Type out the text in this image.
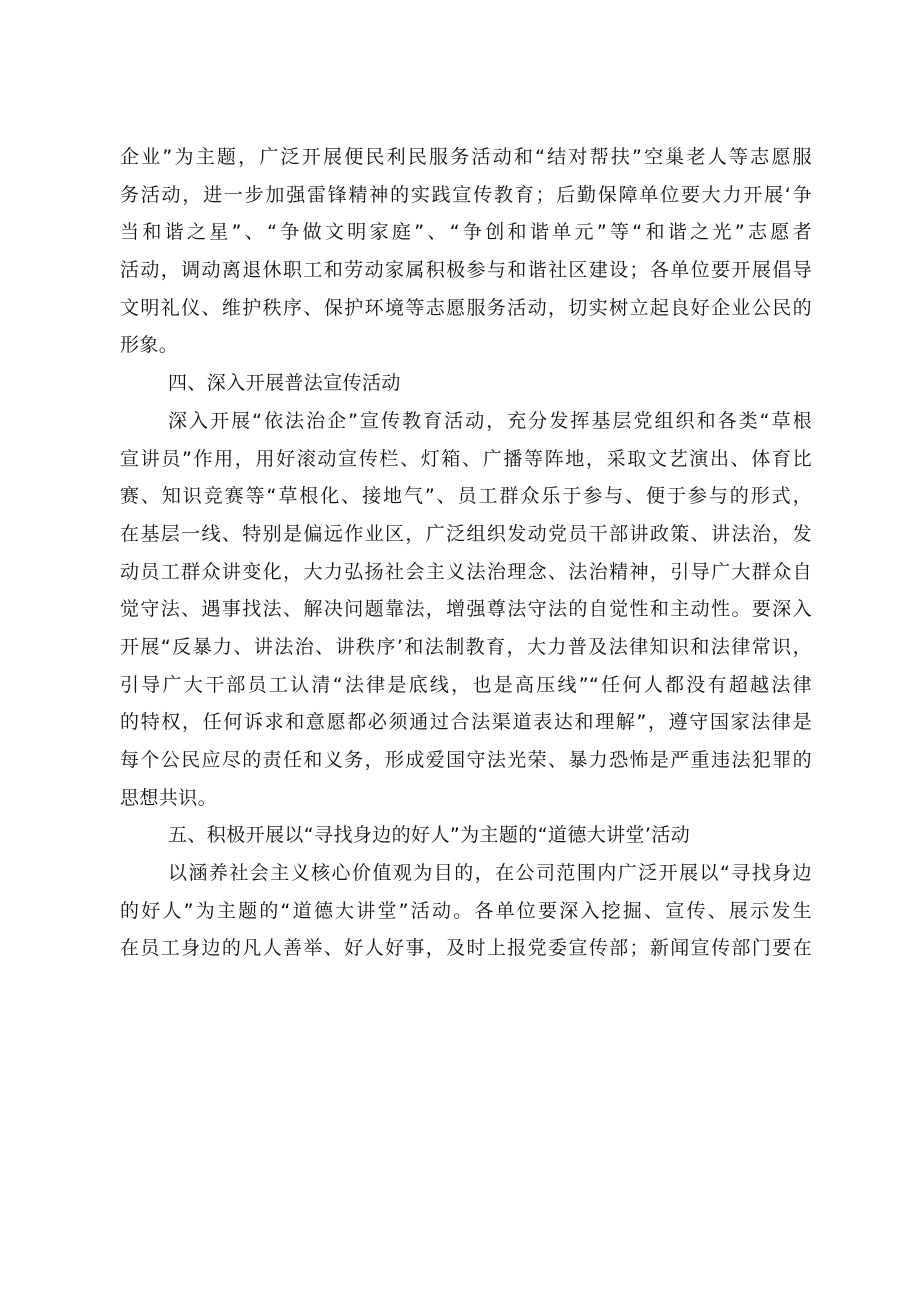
企业”为主题，广泛开展便民利民服务活动和“结对帮扶”空巢老人等志愿服
务活动，进一步加强雷锋精神的实践宣传教育；后勤保障单位要大力开展‘争
当和谐之星”、“争做文明家庭”、“争创和谐单元”等“和谐之光”志愿者
活动，调动离退休职工和劳动家属积极参与和谐社区建设；各单位要开展倡导
文明礼仪、维护秩序、保护环境等志愿服务活动，切实树立起良好企业公民的
形象。
四、深入开展普法宣传活动
深入开展“依法治企”宣传教育活动，充分发挥基层党组织和各类“草根
宣讲员”作用，用好滚动宣传栏、灯箱、广播等阵地，采取文艺演出、体育比
赛、知识竞赛等“草根化、接地气”、员工群众乐于参与、便于参与的形式，
在基层一线、特别是偏远作业区，广泛组织发动党员干部讲政策、讲法治，发
动员工群众讲变化，大力弘扬社会主义法治理念、法治精神，引导广大群众自
觉守法、遇事找法、解决问题靠法，增强尊法守法的自觉性和主动性。要深入
开展“反暴力、讲法治、讲秩序’和法制教育，大力普及法律知识和法律常识，
引导广大干部员工认清“法律是底线，也是高压线”“任何人都没有超越法律
的特权，任何诉求和意愿都必须通过合法渠道表达和理解”，遵守国家法律是
每个公民应尽的责任和义务，形成爱国守法光荣、暴力恐怖是严重违法犯罪的
思想共识。
五、积极开展以“寻找身边的好人”为主题的“道德大讲堂’活动
以涵养社会主义核心价值观为目的，在公司范围内广泛开展以“寻找身边
的好人”为主题的“道德大讲堂”活动。各单位要深入挖掘、宣传、展示发生
在员工身边的凡人善举、好人好事，及时上报党委宣传部；新闻宣传部门要在
